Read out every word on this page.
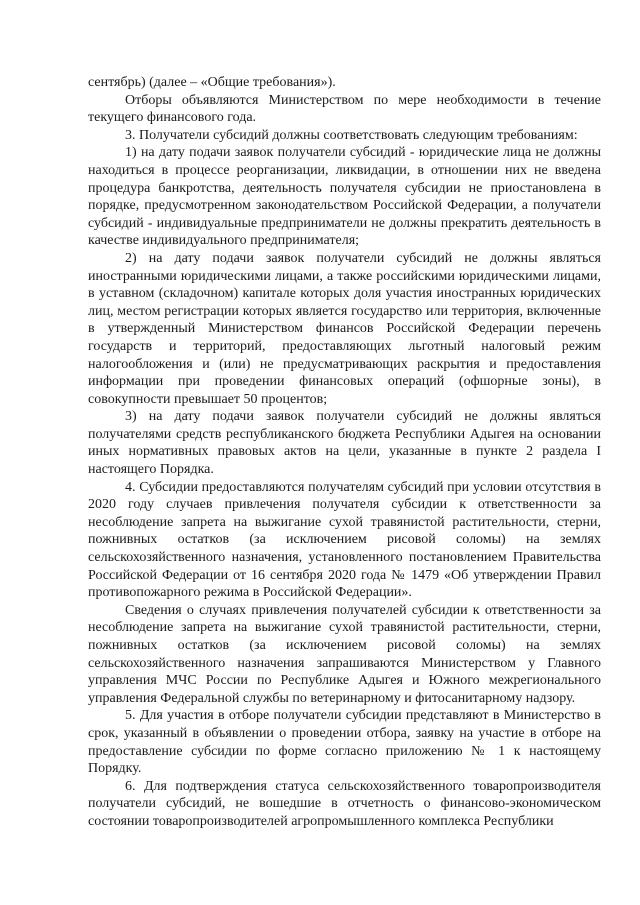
сентябрь) (далее – «Общие требования»).

Отборы объявляются Министерством по мере необходимости в течение текущего финансового года.

3. Получатели субсидий должны соответствовать следующим требованиям:

1) на дату подачи заявок получатели субсидий - юридические лица не должны находиться в процессе реорганизации, ликвидации, в отношении них не введена процедура банкротства, деятельность получателя субсидии не приостановлена в порядке, предусмотренном законодательством Российской Федерации, а получатели субсидий - индивидуальные предприниматели не должны прекратить деятельность в качестве индивидуального предпринимателя;

2) на дату подачи заявок получатели субсидий не должны являться иностранными юридическими лицами, а также российскими юридическими лицами, в уставном (складочном) капитале которых доля участия иностранных юридических лиц, местом регистрации которых является государство или территория, включенные в утвержденный Министерством финансов Российской Федерации перечень государств и территорий, предоставляющих льготный налоговый режим налогообложения и (или) не предусматривающих раскрытия и предоставления информации при проведении финансовых операций (офшорные зоны), в совокупности превышает 50 процентов;

3) на дату подачи заявок получатели субсидий не должны являться получателями средств республиканского бюджета Республики Адыгея на основании иных нормативных правовых актов на цели, указанные в пункте 2 раздела I настоящего Порядка.

4. Субсидии предоставляются получателям субсидий при условии отсутствия в 2020 году случаев привлечения получателя субсидии к ответственности за несоблюдение запрета на выжигание сухой травянистой растительности, стерни, пожнивных остатков (за исключением рисовой соломы) на землях сельскохозяйственного назначения, установленного постановлением Правительства Российской Федерации от 16 сентября 2020 года № 1479 «Об утверждении Правил противопожарного режима в Российской Федерации».

Сведения о случаях привлечения получателей субсидии к ответственности за несоблюдение запрета на выжигание сухой травянистой растительности, стерни, пожнивных остатков (за исключением рисовой соломы) на землях сельскохозяйственного назначения запрашиваются Министерством у Главного управления МЧС России по Республике Адыгея и Южного межрегионального управления Федеральной службы по ветеринарному и фитосанитарному надзору.

5. Для участия в отборе получатели субсидии представляют в Министерство в срок, указанный в объявлении о проведении отбора, заявку на участие в отборе на предоставление субсидии по форме согласно приложению № 1 к настоящему Порядку.

6. Для подтверждения статуса сельскохозяйственного товаропроизводителя получатели субсидий, не вошедшие в отчетность о финансово-экономическом состоянии товаропроизводителей агропромышленного комплекса Республики
